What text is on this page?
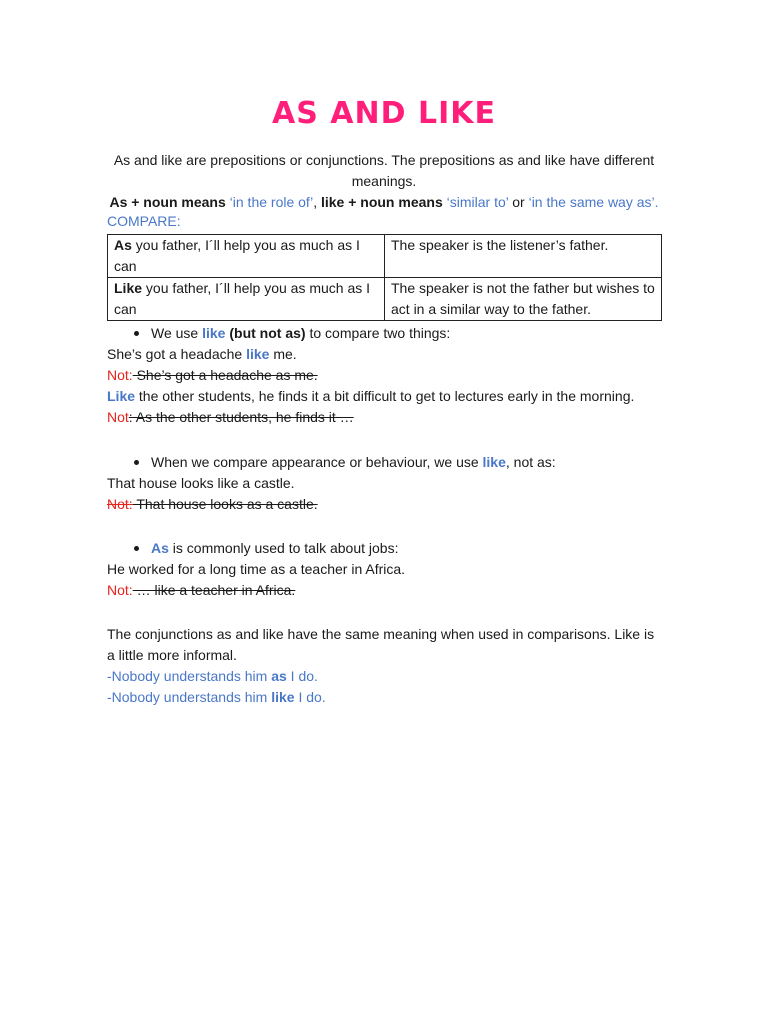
AS AND LIKE
As and like are prepositions or conjunctions. The prepositions as and like have different meanings.
As + noun means ‘in the role of’, like + noun means ‘similar to’ or ‘in the same way as’.
COMPARE:
As you father, I´ll help you as much as I can	The speaker is the listener’s father.
Like you father, I´ll help you as much as I can	The speaker is not the father but wishes to act in a similar way to the father.
We use like (but not as) to compare two things:
She’s got a headache like me.
Not: She’s got a headache as me.
Like the other students, he finds it a bit difficult to get to lectures early in the morning.
Not: As the other students, he finds it …
When we compare appearance or behaviour, we use like, not as:
That house looks like a castle.
Not: That house looks as a castle.
As is commonly used to talk about jobs:
He worked for a long time as a teacher in Africa.
Not: … like a teacher in Africa.
The conjunctions as and like have the same meaning when used in comparisons. Like is a little more informal.
-Nobody understands him as I do.
-Nobody understands him like I do.
